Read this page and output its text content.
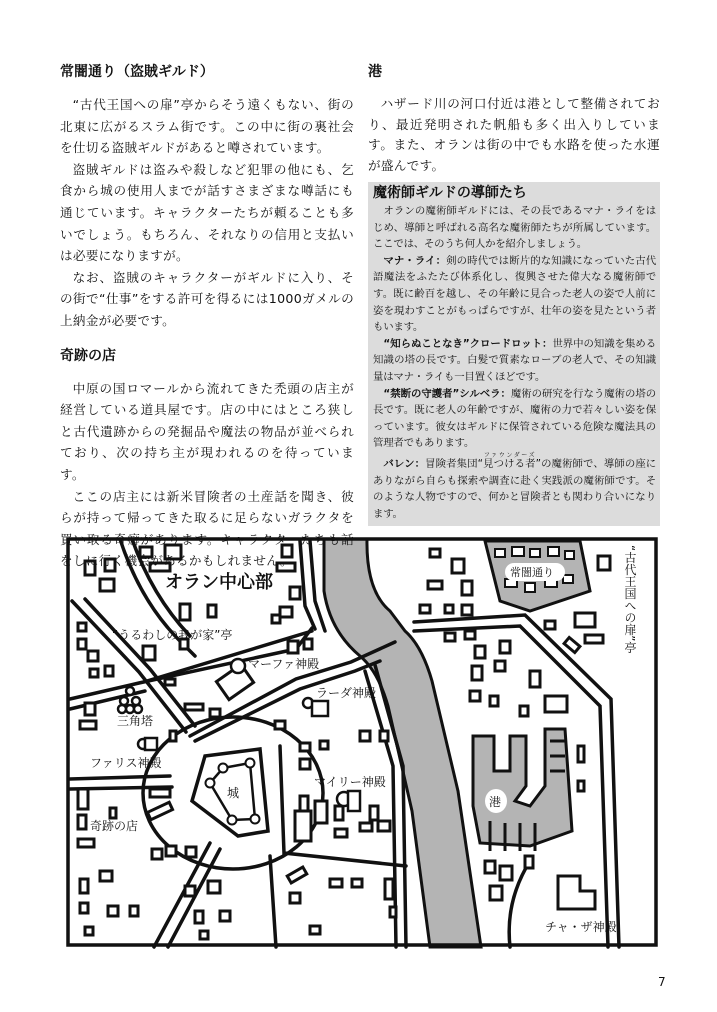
常闇通り（盗賊ギルド）

“古代王国への扉”亭からそう遠くもない、街の北東に広がるスラム街です。この中に街の裏社会を仕切る盗賊ギルドがあると噂されています。

盗賊ギルドは盗みや殺しなど犯罪の他にも、乞食から城の使用人までが話すさまざまな噂話にも通じています。キャラクターたちが頼ることも多いでしょう。もちろん、それなりの信用と支払いは必要になりますが。

なお、盗賊のキャラクターがギルドに入り、その街で“仕事”をする許可を得るには1000ガメルの上納金が必要です。

奇跡の店

中原の国ロマールから流れてきた禿頭の店主が経営している道具屋です。店の中にはところ狭しと古代遺跡からの発掘品や魔法の物品が並べられており、次の持ち主が現われるのを待っています。

ここの店主には新米冒険者の土産話を聞き、彼らが持って帰ってきた取るに足らないガラクタを買い取る奇癖があります。キャラクターたちも話をしに行く機会があるかもしれません。

港

ハザード川の河口付近は港として整備されており、最近発明された帆船も多く出入りしています。また、オランは街の中でも水路を使った水運が盛んです。

魔術師ギルドの導師たち

オランの魔術師ギルドには、その長であるマナ・ライをはじめ、導師と呼ばれる高名な魔術師たちが所属しています。ここでは、そのうち何人かを紹介しましょう。

マナ・ライ：剣の時代では断片的な知識になっていた古代語魔法をふたたび体系化し、復興させた偉大なる魔術師です。既に齢百を越し、その年齢に見合った老人の姿で人前に姿を現わすことがもっぱらですが、壮年の姿を見たという者もいます。

“知らぬことなき”クロードロット：世界中の知識を集める知識の塔の長です。白髪で質素なローブの老人で、その知識量はマナ・ライも一目置くほどです。

“禁断の守護者”シルベラ：魔術の研究を行なう魔術の塔の長です。既に老人の年齢ですが、魔術の力で若々しい姿を保っています。彼女はギルドに保管されている危険な魔法具の管理者でもあります。

バレン：冒険者集団“見つける者ファウンダーズ”の魔術師で、導師の座にありながら自らも探索や調査に赴く実践派の魔術師です。そのような人物ですので、何かと冒険者とも関わり合いになります。

オラン中心部
“うるわしの我が家”亭
マーファ神殿
ラーダ神殿
三角塔
ファリス神殿
城
マイリー神殿
奇跡の店
常闇通り	“古代王国への扉”亭
港
チャ・ザ神殿
7
